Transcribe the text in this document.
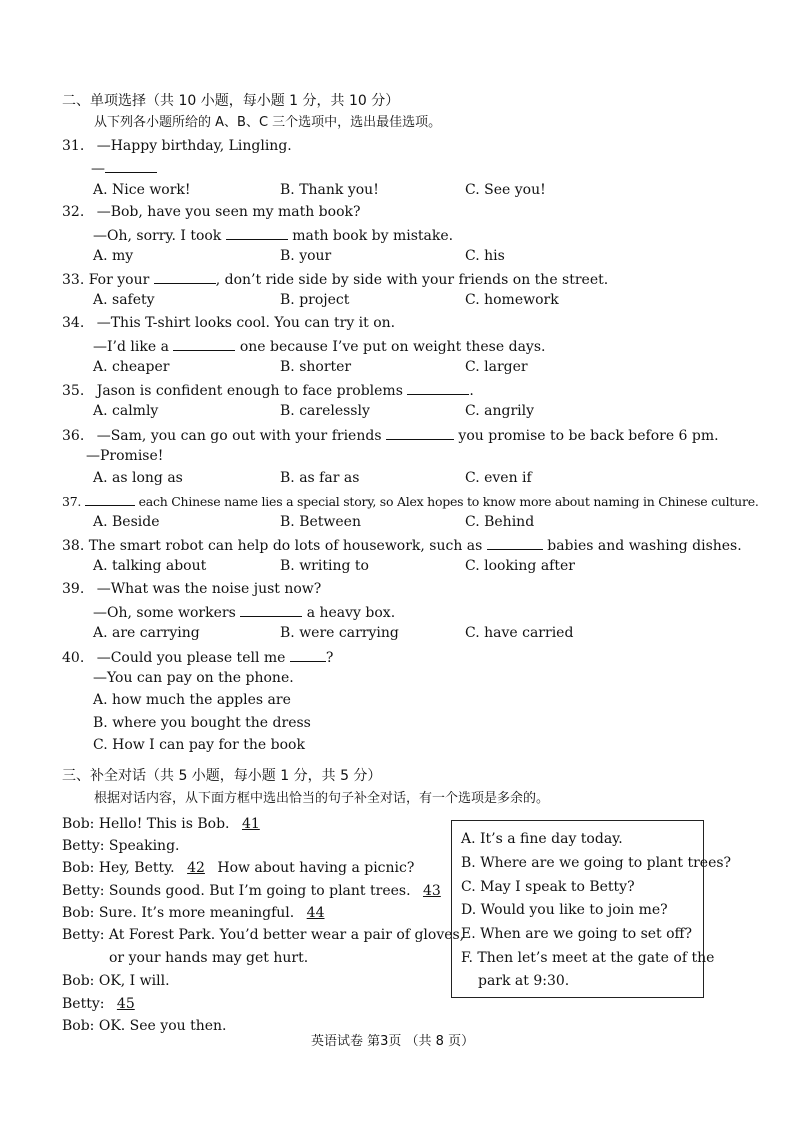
二、单项选择（共 10 小题，每小题 1 分，共 10 分）
从下列各小题所给的 A、B、C 三个选项中，选出最佳选项。
31. —Happy birthday, Lingling.
—
A. Nice work!	B. Thank you!	C. See you!
32. —Bob, have you seen my math book?
—Oh, sorry. I took	math book by mistake.
A. my	B. your	C. his
33. For your	, don’t ride side by side with your friends on the street.
A. safety	B. project	C. homework
34. —This T-shirt looks cool. You can try it on.
—I’d like a	one because I’ve put on weight these days.
A. cheaper	B. shorter	C. larger
35. Jason is confident enough to face problems	.
A. calmly	B. carelessly	C. angrily
36. —Sam, you can go out with your friends	you promise to be back before 6 pm.
—Promise!
A. as long as	B. as far as	C. even if
37.	each Chinese name lies a special story, so Alex hopes to know more about naming in Chinese culture.
A. Beside	B. Between	C. Behind
38. The smart robot can help do lots of housework, such as	babies and washing dishes.
A. talking about	B. writing to	C. looking after
39. —What was the noise just now?
—Oh, some workers	a heavy box.
A. are carrying	B. were carrying	C. have carried
40. —Could you please tell me	?
—You can pay on the phone.
A. how much the apples are
B. where you bought the dress
C. How I can pay for the book
三、补全对话（共 5 小题，每小题 1 分，共 5 分）
根据对话内容，从下面方框中选出恰当的句子补全对话，有一个选项是多余的。
Bob: Hello! This is Bob. 41
Betty: Speaking.
Bob: Hey, Betty. 42 How about having a picnic?
Betty: Sounds good. But I’m going to plant trees. 43
Bob: Sure. It’s more meaningful. 44
Betty: At Forest Park. You’d better wear a pair of gloves,
or your hands may get hurt.
Bob: OK, I will.
Betty: 45
Bob: OK. See you then.
A. It’s a fine day today.
B. Where are we going to plant trees?
C. May I speak to Betty?
D. Would you like to join me?
E. When are we going to set off?
F. Then let’s meet at the gate of the
park at 9:30.
英语试卷 第3页 （共 8 页）
